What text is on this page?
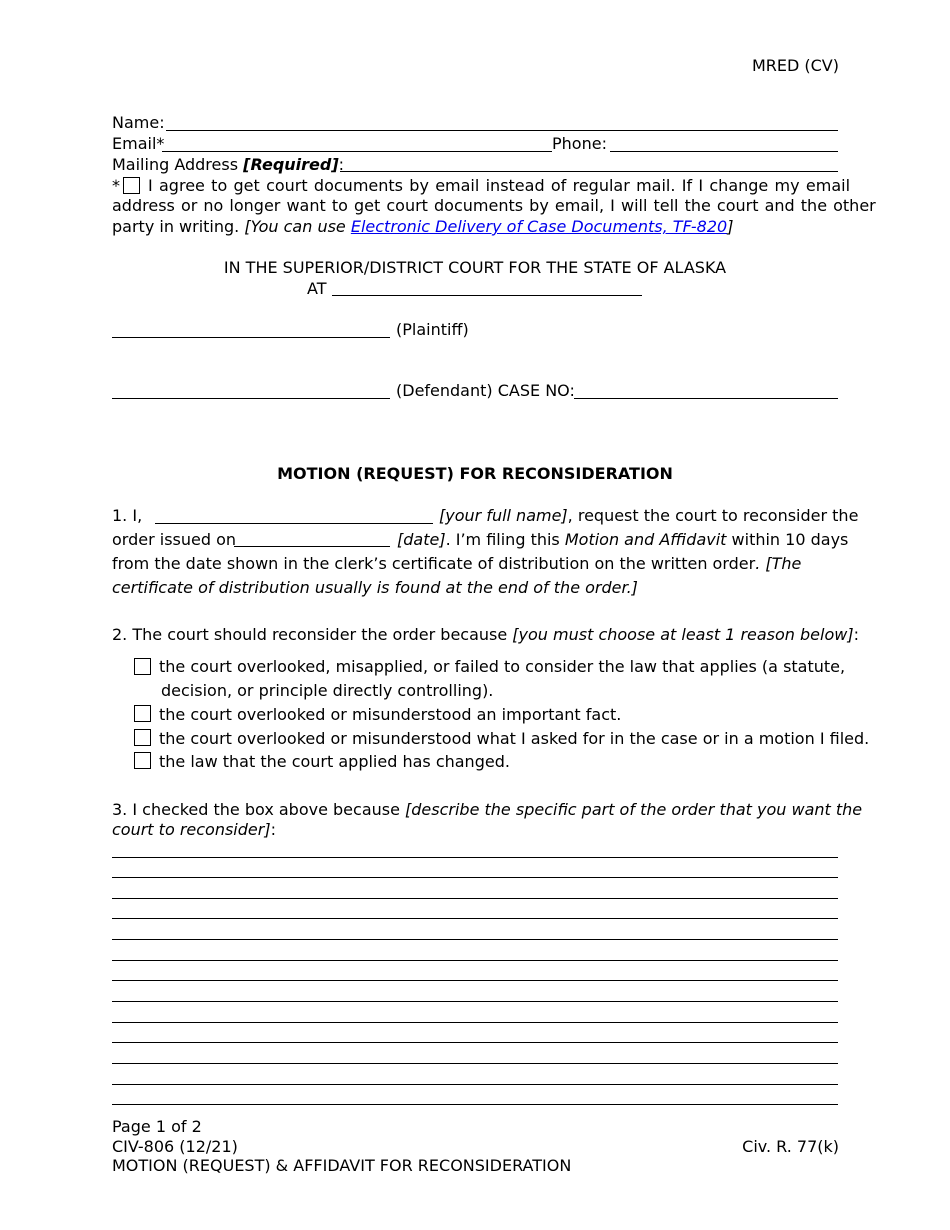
MRED (CV)
Name:
Email*	Phone:
Mailing Address [Required]:
* I agree to get court documents by email instead of regular mail. If I change my email
address or no longer want to get court documents by email, I will tell the court and the other
party in writing. [You can use Electronic Delivery of Case Documents, TF-820]
IN THE SUPERIOR/DISTRICT COURT FOR THE STATE OF ALASKA
AT
(Plaintiff)
(Defendant) CASE NO:
MOTION (REQUEST) FOR RECONSIDERATION
1. I,	[your full name], request the court to reconsider the
order issued on	[date]. I’m filing this Motion and Affidavit within 10 days
from the date shown in the clerk’s certificate of distribution on the written order. [The
certificate of distribution usually is found at the end of the order.]
2. The court should reconsider the order because [you must choose at least 1 reason below]:
the court overlooked, misapplied, or failed to consider the law that applies (a statute,
decision, or principle directly controlling).
the court overlooked or misunderstood an important fact.
the court overlooked or misunderstood what I asked for in the case or in a motion I filed.
the law that the court applied has changed.
3. I checked the box above because [describe the specific part of the order that you want the
court to reconsider]:
Page 1 of 2
CIV-806 (12/21)
MOTION (REQUEST) & AFFIDAVIT FOR RECONSIDERATION
Civ. R. 77(k)
